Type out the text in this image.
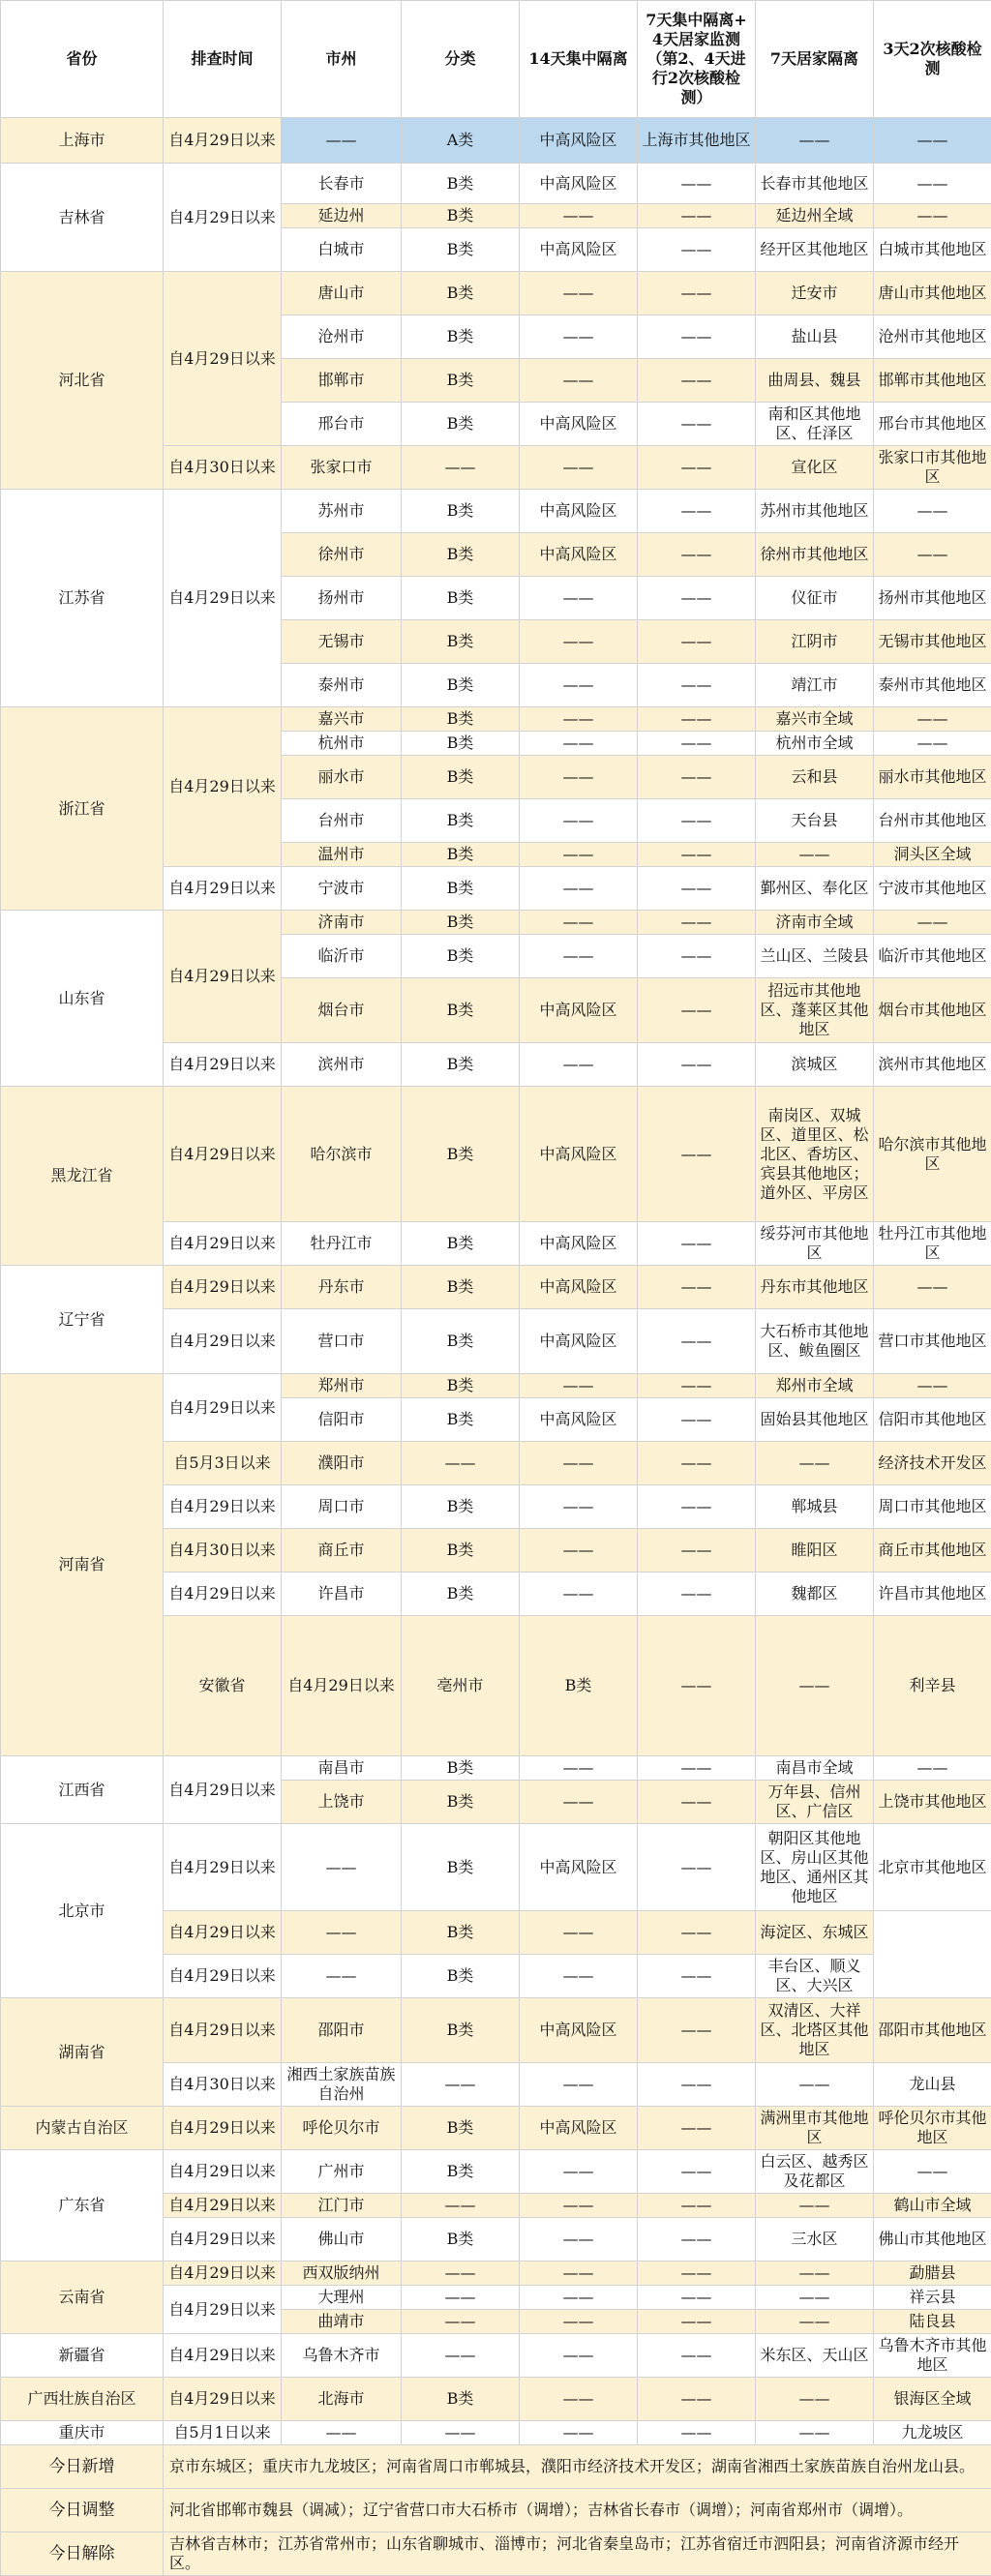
省份	排查时间	市州	分类	14天集中隔离	7天集中隔离+4天居家监测（第2、4天进行2次核酸检测）	7天居家隔离	3天2次核酸检测	
上海市	自4月29日以来	——	A类	中高风险区	上海市其他地区	——	——	
吉林省	自4月29日以来	长春市	B类	中高风险区	——	长春市其他地区	——	
		延边州	B类	——	——	延边州全域	——	
		白城市	B类	中高风险区	——	经开区其他地区	白城市其他地区	
河北省	自4月29日以来	唐山市	B类	——	——	迁安市	唐山市其他地区	
		沧州市	B类	——	——	盐山县	沧州市其他地区	
		邯郸市	B类	——	——	曲周县、魏县	邯郸市其他地区	
		邢台市	B类	中高风险区	——	南和区其他地区、任泽区	邢台市其他地区	
	自4月30日以来	张家口市	——	——	——	宣化区	张家口市其他地区	
江苏省	自4月29日以来	苏州市	B类	中高风险区	——	苏州市其他地区	——	
		徐州市	B类	中高风险区	——	徐州市其他地区	——	
		扬州市	B类	——	——	仪征市	扬州市其他地区	
		无锡市	B类	——	——	江阴市	无锡市其他地区	
		泰州市	B类	——	——	靖江市	泰州市其他地区	
浙江省	自4月29日以来	嘉兴市	B类	——	——	嘉兴市全域	——	
		杭州市	B类	——	——	杭州市全域	——	
		丽水市	B类	——	——	云和县	丽水市其他地区	
		台州市	B类	——	——	天台县	台州市其他地区	
		温州市	B类	——	——	——	洞头区全域	
	自4月29日以来	宁波市	B类	——	——	鄞州区、奉化区	宁波市其他地区	
山东省	自4月29日以来	济南市	B类	——	——	济南市全域	——	
		临沂市	B类	——	——	兰山区、兰陵县	临沂市其他地区	
		烟台市	B类	中高风险区	——	招远市其他地区、蓬莱区其他地区	烟台市其他地区	
	自4月29日以来	滨州市	B类	——	——	滨城区	滨州市其他地区	
黑龙江省	自4月29日以来	哈尔滨市	B类	中高风险区	——	南岗区、双城区、道里区、松北区、香坊区、宾县其他地区；道外区、平房区	哈尔滨市其他地区	
	自4月29日以来	牡丹江市	B类	中高风险区	——	绥芬河市其他地区	牡丹江市其他地区	
辽宁省	自4月29日以来	丹东市	B类	中高风险区	——	丹东市其他地区	——	
	自4月29日以来	营口市	B类	中高风险区	——	大石桥市其他地区、鲅鱼圈区	营口市其他地区	
河南省	自4月29日以来	郑州市	B类	——	——	郑州市全域	——	
		信阳市	B类	中高风险区	——	固始县其他地区	信阳市其他地区	
	自5月3日以来	濮阳市	——	——	——	——	经济技术开发区	
	自4月29日以来	周口市	B类	——	——	郸城县	周口市其他地区	
	自4月30日以来	商丘市	B类	——	——	睢阳区	商丘市其他地区	
	自4月29日以来	许昌市	B类	——	——	魏都区	许昌市其他地区	
	安徽省	自4月29日以来	亳州市	B类	——	——	利辛县	
江西省	自4月29日以来	南昌市	B类	——	——	南昌市全域	——	
		上饶市	B类	——	——	万年县、信州区、广信区	上饶市其他地区	
北京市	自4月29日以来	——	B类	中高风险区	——	朝阳区其他地区、房山区其他地区、通州区其他地区	北京市其他地区	
	自4月29日以来	——	B类	——	——	海淀区、东城区		
	自4月29日以来	——	B类	——	——	丰台区、顺义区、大兴区		
湖南省	自4月29日以来	邵阳市	B类	中高风险区	——	双清区、大祥区、北塔区其他地区	邵阳市其他地区	
	自4月30日以来	湘西土家族苗族自治州	——	——	——	——	龙山县	
内蒙古自治区	自4月29日以来	呼伦贝尔市	B类	中高风险区	——	满洲里市其他地区	呼伦贝尔市其他地区	
广东省	自4月29日以来	广州市	B类	——	——	白云区、越秀区及花都区	——	
	自4月29日以来	江门市	——	——	——	——	鹤山市全域	
	自4月29日以来	佛山市	B类	——	——	三水区	佛山市其他地区	
云南省	自4月29日以来	西双版纳州	——	——	——	——	勐腊县	
	自4月29日以来	大理州	——	——	——	——	祥云县	
		曲靖市	——	——	——	——	陆良县	
新疆省	自4月29日以来	乌鲁木齐市	——	——	——	米东区、天山区	乌鲁木齐市其他地区	
广西壮族自治区	自4月29日以来	北海市	B类	——	——	——	银海区全域	
重庆市	自5月1日以来	——	——	——	——	——	九龙坡区	
今日新增	京市东城区；重庆市九龙坡区；河南省周口市郸城县，濮阳市经济技术开发区；湖南省湘西土家族苗族自治州龙山县。							
今日调整	河北省邯郸市魏县（调减）；辽宁省营口市大石桥市（调增）；吉林省长春市（调增）；河南省郑州市（调增）。							
今日解除	吉林省吉林市；江苏省常州市；山东省聊城市、淄博市；河北省秦皇岛市；江苏省宿迁市泗阳县；河南省济源市经开区。							
